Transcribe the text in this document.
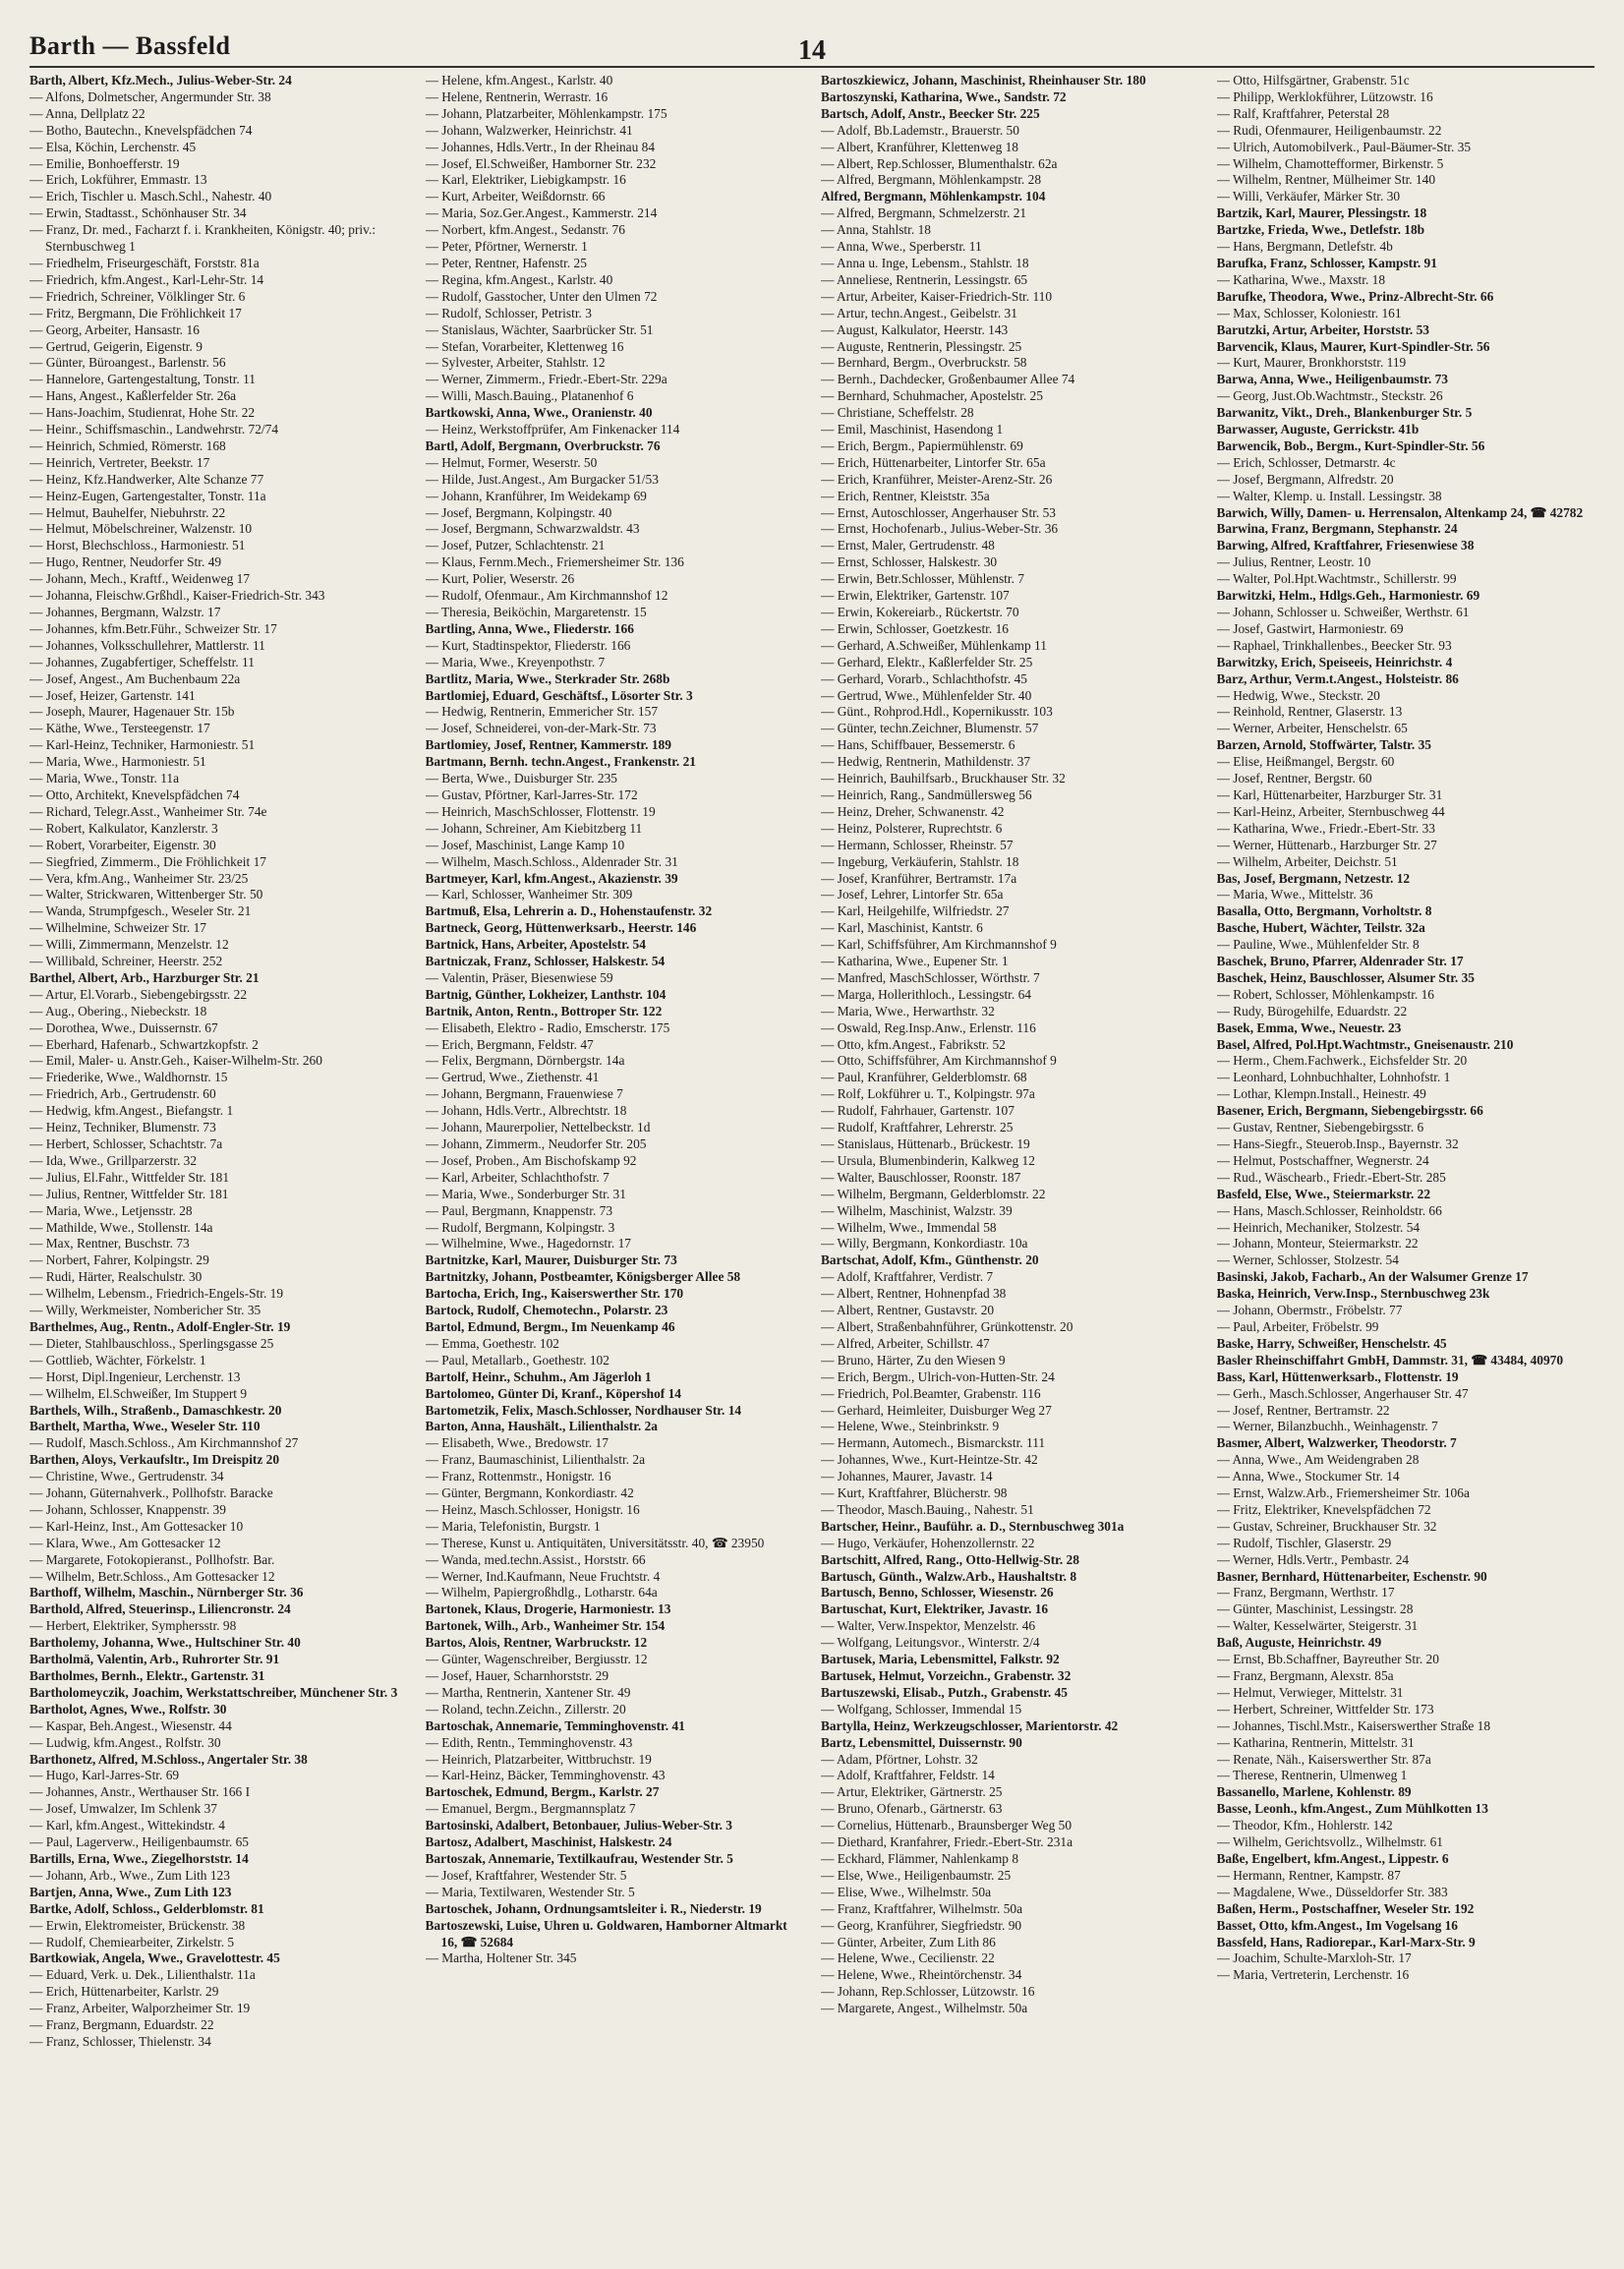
Barth — Bassfeld	14
Barth, Albert, Kfz.Mech., Julius-Weber-Str. 24
— Alfons, Dolmetscher, Angermunder Str. 38
— Anna, Dellplatz 22
— Botho, Bautechn., Knevelspfädchen 74
— Elsa, Köchin, Lerchenstr. 45
— Emilie, Bonhoefferstr. 19
— Erich, Lokführer, Emmastr. 13
— Erich, Tischler u. Masch.Schl., Nahestr. 40
— Erwin, Stadtasst., Schönhauser Str. 34
— Franz, Dr. med., Facharzt f. i. Krankheiten, Königstr. 40; priv.: Sternbuschweg 1
— Friedhelm, Friseurgeschäft, Forststr. 81a
— Friedrich, kfm.Angest., Karl-Lehr-Str. 14
— Friedrich, Schreiner, Völklinger Str. 6
— Fritz, Bergmann, Die Fröhlichkeit 17
— Georg, Arbeiter, Hansastr. 16
— Gertrud, Geigerin, Eigenstr. 9
— Günter, Büroangest., Barlenstr. 56
— Hannelore, Gartengestaltung, Tonstr. 11
— Hans, Angest., Kaßlerfelder Str. 26a
— Hans-Joachim, Studienrat, Hohe Str. 22
— Heinr., Schiffsmaschin., Landwehrstr. 72/74
— Heinrich, Schmied, Römerstr. 168
— Heinrich, Vertreter, Beekstr. 17
— Heinz, Kfz.Handwerker, Alte Schanze 77
— Heinz-Eugen, Gartengestalter, Tonstr. 11a
— Helmut, Bauhelfer, Niebuhrstr. 22
— Helmut, Möbelschreiner, Walzenstr. 10
— Horst, Blechschloss., Harmoniestr. 51
— Hugo, Rentner, Neudorfer Str. 49
— Johann, Mech., Kraftf., Weidenweg 17
— Johanna, Fleischw.Grßhdl., Kaiser-Friedrich-Str. 343
— Johannes, Bergmann, Walzstr. 17
— Johannes, kfm.Betr.Führ., Schweizer Str. 17
— Johannes, Volksschullehrer, Mattlerstr. 11
— Johannes, Zugabfertiger, Scheffelstr. 11
— Josef, Angest., Am Buchenbaum 22a
— Josef, Heizer, Gartenstr. 141
— Joseph, Maurer, Hagenauer Str. 15b
— Käthe, Wwe., Tersteegenstr. 17
— Karl-Heinz, Techniker, Harmoniestr. 51
— Maria, Wwe., Harmoniestr. 51
— Maria, Wwe., Tonstr. 11a
— Otto, Architekt, Knevelspfädchen 74
— Richard, Telegr.Asst., Wanheimer Str. 74e
— Robert, Kalkulator, Kanzlerstr. 3
— Robert, Vorarbeiter, Eigenstr. 30
— Siegfried, Zimmerm., Die Fröhlichkeit 17
— Vera, kfm.Ang., Wanheimer Str. 23/25
— Walter, Strickwaren, Wittenberger Str. 50
— Wanda, Strumpfgesch., Weseler Str. 21
— Wilhelmine, Schweizer Str. 17
— Willi, Zimmermann, Menzelstr. 12
— Willibald, Schreiner, Heerstr. 252
Barthel, Albert, Arb., Harzburger Str. 21
— Artur, El.Vorarb., Siebengebirgsstr. 22
— Aug., Obering., Niebeckstr. 18
— Dorothea, Wwe., Duissernstr. 67
— Eberhard, Hafenarb., Schwartzkopfstr. 2
— Emil, Maler- u. Anstr.Geh., Kaiser-Wilhelm-Str. 260
— Friederike, Wwe., Waldhornstr. 15
— Friedrich, Arb., Gertrudenstr. 60
— Hedwig, kfm.Angest., Biefangstr. 1
— Heinz, Techniker, Blumenstr. 73
— Herbert, Schlosser, Schachtstr. 7a
— Ida, Wwe., Grillparzerstr. 32
— Julius, El.Fahr., Wittfelder Str. 181
— Julius, Rentner, Wittfelder Str. 181
— Maria, Wwe., Letjensstr. 28
— Mathilde, Wwe., Stollenstr. 14a
— Max, Rentner, Buschstr. 73
— Norbert, Fahrer, Kolpingstr. 29
— Rudi, Härter, Realschulstr. 30
— Wilhelm, Lebensm., Friedrich-Engels-Str. 19
— Willy, Werkmeister, Nombericher Str. 35
Barthelmes, Aug., Rentn., Adolf-Engler-Str. 19
— Dieter, Stahlbauschloss., Sperlingsgasse 25
— Gottlieb, Wächter, Förkelstr. 1
— Horst, Dipl.Ingenieur, Lerchenstr. 13
— Wilhelm, El.Schweißer, Im Stuppert 9
Barthels, Wilh., Straßenb., Damaschkestr. 20
Barthelt, Martha, Wwe., Weseler Str. 110
— Rudolf, Masch.Schloss., Am Kirchmannshof 27
Barthen, Aloys, Verkaufsltr., Im Dreispitz 20
— Christine, Wwe., Gertrudenstr. 34
— Johann, Güternahverk., Pollhofstr. Baracke
— Johann, Schlosser, Knappenstr. 39
— Karl-Heinz, Inst., Am Gottesacker 10
— Klara, Wwe., Am Gottesacker 12
— Margarete, Fotokopieranst., Pollhofstr. Bar.
— Wilhelm, Betr.Schloss., Am Gottesacker 12
Barthoff, Wilhelm, Maschin., Nürnberger Str. 36
Barthold, Alfred, Steuerinsp., Liliencronstr. 24
— Herbert, Elektriker, Symphersstr. 98
Bartholemy, Johanna, Wwe., Hultschiner Str. 40
Bartholmä, Valentin, Arb., Ruhrorter Str. 91
Bartholmes, Bernh., Elektr., Gartenstr. 31
Bartholomeyczik, Joachim, Werkstattschreiber, Münchener Str. 3
Bartholot, Agnes, Wwe., Rolfstr. 30
— Kaspar, Beh.Angest., Wiesenstr. 44
— Ludwig, kfm.Angest., Rolfstr. 30
Barthonetz, Alfred, M.Schloss., Angertaler Str. 38
— Hugo, Karl-Jarres-Str. 69
— Johannes, Anstr., Werthauser Str. 166 I
— Josef, Umwalzer, Im Schlenk 37
— Karl, kfm.Angest., Wittekindstr. 4
— Paul, Lagerverw., Heiligenbaumstr. 65
Bartills, Erna, Wwe., Ziegelhorststr. 14
— Johann, Arb., Wwe., Zum Lith 123
Bartjen, Anna, Wwe., Zum Lith 123
Bartke, Adolf, Schloss., Gelderblomstr. 81
— Erwin, Elektromeister, Brückenstr. 38
— Rudolf, Chemiearbeiter, Zirkelstr. 5
Bartkowiak, Angela, Wwe., Gravelottestr. 45
— Eduard, Verk. u. Dek., Lilienthalstr. 11a
— Erich, Hüttenarbeiter, Karlstr. 29
— Franz, Arbeiter, Walporzheimer Str. 19
— Franz, Bergmann, Eduardstr. 22
— Franz, Schlosser, Thielenstr. 34
— Helene, kfm.Angest., Karlstr. 40
— Helene, Rentnerin, Werrastr. 16
— Johann, Platzarbeiter, Möhlenkampstr. 175
— Johann, Walzwerker, Heinrichstr. 41
— Johannes, Hdls.Vertr., In der Rheinau 84
— Josef, El.Schweißer, Hamborner Str. 232
— Karl, Elektriker, Liebigkampstr. 16
— Kurt, Arbeiter, Weißdornstr. 66
— Maria, Soz.Ger.Angest., Kammerstr. 214
— Norbert, kfm.Angest., Sedanstr. 76
— Peter, Pförtner, Wernerstr. 1
— Peter, Rentner, Hafenstr. 25
— Regina, kfm.Angest., Karlstr. 40
— Rudolf, Gasstocher, Unter den Ulmen 72
— Rudolf, Schlosser, Petristr. 3
— Stanislaus, Wächter, Saarbrücker Str. 51
— Stefan, Vorarbeiter, Klettenweg 16
— Sylvester, Arbeiter, Stahlstr. 12
— Werner, Zimmerm., Friedr.-Ebert-Str. 229a
— Willi, Masch.Bauing., Platanenhof 6
Bartkowski, Anna, Wwe., Oranienstr. 40
— Heinz, Werkstoffprüfer, Am Finkenacker 114
Bartl, Adolf, Bergmann, Overbruckstr. 76
— Helmut, Former, Weserstr. 50
— Hilde, Just.Angest., Am Burgacker 51/53
— Johann, Kranführer, Im Weidekamp 69
— Josef, Bergmann, Kolpingstr. 40
— Josef, Bergmann, Schwarzwaldstr. 43
— Josef, Putzer, Schlachtenstr. 21
— Klaus, Fernm.Mech., Friemersheimer Str. 136
— Kurt, Polier, Weserstr. 26
— Rudolf, Ofenmaur., Am Kirchmannshof 12
— Theresia, Beiköchin, Margaretenstr. 15
Bartling, Anna, Wwe., Fliederstr. 166
— Kurt, Stadtinspektor, Fliederstr. 166
— Maria, Wwe., Kreyenpothstr. 7
Bartlitz, Maria, Wwe., Sterkrader Str. 268b
Bartlomiej, Eduard, Geschäftsf., Lösorter Str. 3
— Hedwig, Rentnerin, Emmericher Str. 157
— Josef, Schneiderei, von-der-Mark-Str. 73
Bartlomiey, Josef, Rentner, Kammerstr. 189
Bartmann, Bernh. techn.Angest., Frankenstr. 21
— Berta, Wwe., Duisburger Str. 235
— Gustav, Pförtner, Karl-Jarres-Str. 172
— Heinrich, MaschSchlosser, Flottenstr. 19
— Johann, Schreiner, Am Kiebitzberg 11
— Josef, Maschinist, Lange Kamp 10
— Wilhelm, Masch.Schloss., Aldenrader Str. 31
Bartmeyer, Karl, kfm.Angest., Akazienstr. 39
— Karl, Schlosser, Wanheimer Str. 309
Bartmuß, Elsa, Lehrerin a. D., Hohenstaufenstr. 32
Bartneck, Georg, Hüttenwerksarb., Heerstr. 146
Bartnick, Hans, Arbeiter, Apostelstr. 54
Bartniczak, Franz, Schlosser, Halskestr. 54
— Valentin, Präser, Biesenwiese 59
Bartnig, Günther, Lokheizer, Lanthstr. 104
Bartnik, Anton, Rentn., Bottroper Str. 122
— Elisabeth, Elektro - Radio, Emscherstr. 175
— Erich, Bergmann, Feldstr. 47
— Felix, Bergmann, Dörnbergstr. 14a
— Gertrud, Wwe., Ziethenstr. 41
— Johann, Bergmann, Frauenwiese 7
— Johann, Hdls.Vertr., Albrechtstr. 18
— Johann, Maurerpolier, Nettelbeckstr. 1d
— Johann, Zimmerm., Neudorfer Str. 205
— Josef, Proben., Am Bischofskamp 92
— Karl, Arbeiter, Schlachthofstr. 7
— Maria, Wwe., Sonderburger Str. 31
— Paul, Bergmann, Knappenstr. 73
— Rudolf, Bergmann, Kolpingstr. 3
— Wilhelmine, Wwe., Hagedornstr. 17
Bartnitzke, Karl, Maurer, Duisburger Str. 73
Bartnitzky, Johann, Postbeamter, Königsberger Allee 58
Bartocha, Erich, Ing., Kaiserswerther Str. 170
Bartock, Rudolf, Chemotechn., Polarstr. 23
Bartol, Edmund, Bergm., Im Neuenkamp 46
— Emma, Goethestr. 102
— Paul, Metallarb., Goethestr. 102
Bartolf, Heinr., Schuhm., Am Jägerloh 1
Bartolomeo, Günter Di, Kranf., Köpershof 14
Bartometzik, Felix, Masch.Schlosser, Nordhauser Str. 14
Barton, Anna, Haushält., Lilienthalstr. 2a
— Elisabeth, Wwe., Bredowstr. 17
— Franz, Baumaschinist, Lilienthalstr. 2a
— Franz, Rottenmstr., Honigstr. 16
— Günter, Bergmann, Konkordiastr. 42
— Heinz, Masch.Schlosser, Honigstr. 16
— Maria, Telefonistin, Burgstr. 1
— Therese, Kunst u. Antiquitäten, Universitätsstr. 40, ☎ 23950
— Wanda, med.techn.Assist., Horststr. 66
— Werner, Ind.Kaufmann, Neue Fruchtstr. 4
— Wilhelm, Papiergroßhdlg., Lotharstr. 64a
Bartonek, Klaus, Drogerie, Harmoniestr. 13
Bartonek, Wilh., Arb., Wanheimer Str. 154
Bartos, Alois, Rentner, Warbruckstr. 12
— Günter, Wagenschreiber, Bergiusstr. 12
— Josef, Hauer, Scharnhorststr. 29
— Martha, Rentnerin, Xantener Str. 49
— Roland, techn.Zeichn., Zillerstr. 20
Bartoschak, Annemarie, Temminghovenstr. 41
— Edith, Rentn., Temminghovenstr. 43
— Heinrich, Platzarbeiter, Wittbruchstr. 19
— Karl-Heinz, Bäcker, Temminghovenstr. 43
Bartoschek, Edmund, Bergm., Karlstr. 27
— Emanuel, Bergm., Bergmannsplatz 7
Bartosinski, Adalbert, Betonbauer, Julius-Weber-Str. 3
Bartosz, Adalbert, Maschinist, Halskestr. 24
Bartoszak, Annemarie, Textilkaufrau, Westender Str. 5
— Josef, Kraftfahrer, Westender Str. 5
— Maria, Textilwaren, Westender Str. 5
Bartoschek, Johann, Ordnungsamtsleiter i. R., Niederstr. 19
Bartoszewski, Luise, Uhren u. Goldwaren, Hamborner Altmarkt 16, ☎ 52684
— Martha, Holtener Str. 345
Bartoszkiewicz, Johann, Maschinist, Rheinhauser Str. 180
Bartoszynski, Katharina, Wwe., Sandstr. 72
Bartsch, Adolf, Anstr., Beecker Str. 225
— Adolf, Bb.Lademstr., Brauerstr. 50
— Albert, Kranführer, Klettenweg 18
— Albert, Rep.Schlosser, Blumenthalstr. 62a
— Alfred, Bergmann, Möhlenkampstr. 28
Alfred, Bergmann, Möhlenkampstr. 104
— Alfred, Bergmann, Schmelzerstr. 21
— Anna, Stahlstr. 18
— Anna, Wwe., Sperberstr. 11
— Anna u. Inge, Lebensm., Stahlstr. 18
— Anneliese, Rentnerin, Lessingstr. 65
— Artur, Arbeiter, Kaiser-Friedrich-Str. 110
— Artur, techn.Angest., Geibelstr. 31
— August, Kalkulator, Heerstr. 143
— Auguste, Rentnerin, Plessingstr. 25
— Bernhard, Bergm., Overbruckstr. 58
— Bernh., Dachdecker, Großenbaumer Allee 74
— Bernhard, Schuhmacher, Apostelstr. 25
— Christiane, Scheffelstr. 28
— Emil, Maschinist, Hasendong 1
— Erich, Bergm., Papiermühlenstr. 69
— Erich, Hüttenarbeiter, Lintorfer Str. 65a
— Erich, Kranführer, Meister-Arenz-Str. 26
— Erich, Rentner, Kleiststr. 35a
— Ernst, Autoschlosser, Angerhauser Str. 53
— Ernst, Hochofenarb., Julius-Weber-Str. 36
— Ernst, Maler, Gertrudenstr. 48
— Ernst, Schlosser, Halskestr. 30
— Erwin, Betr.Schlosser, Mühlenstr. 7
— Erwin, Elektriker, Gartenstr. 107
— Erwin, Kokereiarb., Rückertstr. 70
— Erwin, Schlosser, Goetzkestr. 16
— Gerhard, A.Schweißer, Mühlenkamp 11
— Gerhard, Elektr., Kaßlerfelder Str. 25
— Gerhard, Vorarb., Schlachthofstr. 45
— Gertrud, Wwe., Mühlenfelder Str. 40
— Günt., Rohprod.Hdl., Kopernikusstr. 103
— Günter, techn.Zeichner, Blumenstr. 57
— Hans, Schiffbauer, Bessemerstr. 6
— Hedwig, Rentnerin, Mathildenstr. 37
— Heinrich, Bauhilfsarb., Bruckhauser Str. 32
— Heinrich, Rang., Sandmüllersweg 56
— Heinz, Dreher, Schwanenstr. 42
— Heinz, Polsterer, Ruprechtstr. 6
— Hermann, Schlosser, Rheinstr. 57
— Ingeburg, Verkäuferin, Stahlstr. 18
— Josef, Kranführer, Bertramstr. 17a
— Josef, Lehrer, Lintorfer Str. 65a
— Karl, Heilgehilfe, Wilfriedstr. 27
— Karl, Maschinist, Kantstr. 6
— Karl, Schiffsführer, Am Kirchmannshof 9
— Katharina, Wwe., Eupener Str. 1
— Manfred, MaschSchlosser, Wörthstr. 7
— Marga, Hollerithloch., Lessingstr. 64
— Maria, Wwe., Herwarthstr. 32
— Oswald, Reg.Insp.Anw., Erlenstr. 116
— Otto, kfm.Angest., Fabrikstr. 52
— Otto, Schiffsführer, Am Kirchmannshof 9
— Paul, Kranführer, Gelderblomstr. 68
— Rolf, Lokführer u. T., Kolpingstr. 97a
— Rudolf, Fahrhauer, Gartenstr. 107
— Rudolf, Kraftfahrer, Lehrerstr. 25
— Stanislaus, Hüttenarb., Brückestr. 19
— Ursula, Blumenbinderin, Kalkweg 12
— Walter, Bauschlosser, Roonstr. 187
— Wilhelm, Bergmann, Gelderblomstr. 22
— Wilhelm, Maschinist, Walzstr. 39
— Wilhelm, Wwe., Immendal 58
— Willy, Bergmann, Konkordiastr. 10a
Bartschat, Adolf, Kfm., Günthenstr. 20
— Adolf, Kraftfahrer, Verdistr. 7
— Albert, Rentner, Hohnenpfad 38
— Albert, Rentner, Gustavstr. 20
— Albert, Straßenbahnführer, Grünkottenstr. 20
— Alfred, Arbeiter, Schillstr. 47
— Bruno, Härter, Zu den Wiesen 9
— Erich, Bergm., Ulrich-von-Hutten-Str. 24
— Friedrich, Pol.Beamter, Grabenstr. 116
— Gerhard, Heimleiter, Duisburger Weg 27
— Helene, Wwe., Steinbrinkstr. 9
— Hermann, Automech., Bismarckstr. 111
— Johannes, Wwe., Kurt-Heintze-Str. 42
— Johannes, Maurer, Javastr. 14
— Kurt, Kraftfahrer, Blücherstr. 98
— Theodor, Masch.Bauing., Nahestr. 51
Bartscher, Heinr., Bauführ. a. D., Sternbuschweg 301a
— Hugo, Verkäufer, Hohenzollernstr. 22
Bartschitt, Alfred, Rang., Otto-Hellwig-Str. 28
Bartusch, Günth., Walzw.Arb., Haushaltstr. 8
Bartusch, Benno, Schlosser, Wiesenstr. 26
Bartuschat, Kurt, Elektriker, Javastr. 16
— Walter, Verw.Inspektor, Menzelstr. 46
— Wolfgang, Leitungsvor., Winterstr. 2/4
Bartusek, Maria, Lebensmittel, Falkstr. 92
Bartusek, Helmut, Vorzeichn., Grabenstr. 32
Bartuszewski, Elisab., Putzh., Grabenstr. 45
— Wolfgang, Schlosser, Immendal 15
Bartylla, Heinz, Werkzeugschlosser, Marientorstr. 42
Bartz, Lebensmittel, Duissernstr. 90
— Adam, Pförtner, Lohstr. 32
— Adolf, Kraftfahrer, Feldstr. 14
— Artur, Elektriker, Gärtnerstr. 25
— Bruno, Ofenarb., Gärtnerstr. 63
— Cornelius, Hüttenarb., Braunsberger Weg 50
— Diethard, Kranfahrer, Friedr.-Ebert-Str. 231a
— Eckhard, Flämmer, Nahlenkamp 8
— Else, Wwe., Heiligenbaumstr. 25
— Elise, Wwe., Wilhelmstr. 50a
— Franz, Kraftfahrer, Wilhelmstr. 50a
— Georg, Kranführer, Siegfriedstr. 90
— Günter, Arbeiter, Zum Lith 86
— Helene, Wwe., Cecilienstr. 22
— Helene, Wwe., Rheintörchenstr. 34
— Johann, Rep.Schlosser, Lützowstr. 16
— Margarete, Angest., Wilhelmstr. 50a
— Otto, Hilfsgärtner, Grabenstr. 51c
— Philipp, Werklokführer, Lützowstr. 16
— Ralf, Kraftfahrer, Peterstal 28
— Rudi, Ofenmaurer, Heiligenbaumstr. 22
— Ulrich, Automobilverk., Paul-Bäumer-Str. 35
— Wilhelm, Chamottefformer, Birkenstr. 5
— Wilhelm, Rentner, Mülheimer Str. 140
— Willi, Verkäufer, Märker Str. 30
Bartzik, Karl, Maurer, Plessingstr. 18
Bartzke, Frieda, Wwe., Detlefstr. 18b
— Hans, Bergmann, Detlefstr. 4b
Barufka, Franz, Schlosser, Kampstr. 91
— Katharina, Wwe., Maxstr. 18
Barufke, Theodora, Wwe., Prinz-Albrecht-Str. 66
— Max, Schlosser, Koloniestr. 161
Barutzki, Artur, Arbeiter, Horststr. 53
Barvencik, Klaus, Maurer, Kurt-Spindler-Str. 56
— Kurt, Maurer, Bronkhorststr. 119
Barwa, Anna, Wwe., Heiligenbaumstr. 73
— Georg, Just.Ob.Wachtmstr., Steckstr. 26
Barwanitz, Vikt., Dreh., Blankenburger Str. 5
Barwasser, Auguste, Gerrickstr. 41b
Barwencik, Bob., Bergm., Kurt-Spindler-Str. 56
— Erich, Schlosser, Detmarstr. 4c
— Josef, Bergmann, Alfredstr. 20
— Walter, Klemp. u. Install. Lessingstr. 38
Barwich, Willy, Damen- u. Herrensalon, Altenkamp 24, ☎ 42782
Barwina, Franz, Bergmann, Stephanstr. 24
Barwing, Alfred, Kraftfahrer, Friesenwiese 38
— Julius, Rentner, Leostr. 10
— Walter, Pol.Hpt.Wachtmstr., Schillerstr. 99
Barwitzki, Helm., Hdlgs.Geh., Harmoniestr. 69
— Johann, Schlosser u. Schweißer, Werthstr. 61
— Josef, Gastwirt, Harmoniestr. 69
— Raphael, Trinkhallenbes., Beecker Str. 93
Barwitzky, Erich, Speiseeis, Heinrichstr. 4
Barz, Arthur, Verm.t.Angest., Holsteistr. 86
— Hedwig, Wwe., Steckstr. 20
— Reinhold, Rentner, Glaserstr. 13
— Werner, Arbeiter, Henschelstr. 65
Barzen, Arnold, Stoffwärter, Talstr. 35
— Elise, Heißmangel, Bergstr. 60
— Josef, Rentner, Bergstr. 60
— Karl, Hüttenarbeiter, Harzburger Str. 31
— Karl-Heinz, Arbeiter, Sternbuschweg 44
— Katharina, Wwe., Friedr.-Ebert-Str. 33
— Werner, Hüttenarb., Harzburger Str. 27
— Wilhelm, Arbeiter, Deichstr. 51
Bas, Josef, Bergmann, Netzestr. 12
— Maria, Wwe., Mittelstr. 36
Basalla, Otto, Bergmann, Vorholtstr. 8
Basche, Hubert, Wächter, Teilstr. 32a
— Pauline, Wwe., Mühlenfelder Str. 8
Baschek, Bruno, Pfarrer, Aldenrader Str. 17
Baschek, Heinz, Bauschlosser, Alsumer Str. 35
— Robert, Schlosser, Möhlenkampstr. 16
— Rudy, Bürogehilfe, Eduardstr. 22
Basek, Emma, Wwe., Neuestr. 23
Basel, Alfred, Pol.Hpt.Wachtmstr., Gneisenaustr. 210
— Herm., Chem.Fachwerk., Eichsfelder Str. 20
— Leonhard, Lohnbuchhalter, Lohnhofstr. 1
— Lothar, Klempn.Install., Heinestr. 49
Basener, Erich, Bergmann, Siebengebirgsstr. 66
— Gustav, Rentner, Siebengebirgsstr. 6
— Hans-Siegfr., Steuerob.Insp., Bayernstr. 32
— Helmut, Postschaffner, Wegnerstr. 24
— Rud., Wäschearb., Friedr.-Ebert-Str. 285
Basfeld, Else, Wwe., Steiermarkstr. 22
— Hans, Masch.Schlosser, Reinholdstr. 66
— Heinrich, Mechaniker, Stolzestr. 54
— Johann, Monteur, Steiermarkstr. 22
— Werner, Schlosser, Stolzestr. 54
Basinski, Jakob, Facharb., An der Walsumer Grenze 17
Baska, Heinrich, Verw.Insp., Sternbuschweg 23k
— Johann, Obermstr., Fröbelstr. 77
— Paul, Arbeiter, Fröbelstr. 99
Baske, Harry, Schweißer, Henschelstr. 45
Basler Rheinschiffahrt GmbH, Dammstr. 31, ☎ 43484, 40970
Bass, Karl, Hüttenwerksarb., Flottenstr. 19
— Gerh., Masch.Schlosser, Angerhauser Str. 47
— Josef, Rentner, Bertramstr. 22
— Werner, Bilanzbuchh., Weinhagenstr. 7
Basmer, Albert, Walzwerker, Theodorstr. 7
— Anna, Wwe., Am Weidengraben 28
— Anna, Wwe., Stockumer Str. 14
— Ernst, Walzw.Arb., Friemersheimer Str. 106a
— Fritz, Elektriker, Knevelspfädchen 72
— Gustav, Schreiner, Bruckhauser Str. 32
— Rudolf, Tischler, Glaserstr. 29
— Werner, Hdls.Vertr., Pembastr. 24
Basner, Bernhard, Hüttenarbeiter, Eschenstr. 90
— Franz, Bergmann, Werthstr. 17
— Günter, Maschinist, Lessingstr. 28
— Walter, Kesselwärter, Steigerstr. 31
Baß, Auguste, Heinrichstr. 49
— Ernst, Bb.Schaffner, Bayreuther Str. 20
— Franz, Bergmann, Alexstr. 85a
— Helmut, Verwieger, Mittelstr. 31
— Herbert, Schreiner, Wittfelder Str. 173
— Johannes, Tischl.Mstr., Kaiserswerther Straße 18
— Katharina, Rentnerin, Mittelstr. 31
— Renate, Näh., Kaiserswerther Str. 87a
— Therese, Rentnerin, Ulmenweg 1
Bassanello, Marlene, Kohlenstr. 89
Basse, Leonh., kfm.Angest., Zum Mühlkotten 13
— Theodor, Kfm., Hohlerstr. 142
— Wilhelm, Gerichtsvollz., Wilhelmstr. 61
Baße, Engelbert, kfm.Angest., Lippestr. 6
— Hermann, Rentner, Kampstr. 87
— Magdalene, Wwe., Düsseldorfer Str. 383
Baßen, Herm., Postschaffner, Weseler Str. 192
Basset, Otto, kfm.Angest., Im Vogelsang 16
Bassfeld, Hans, Radiorepar., Karl-Marx-Str. 9
— Joachim, Schulte-Marxloh-Str. 17
— Maria, Vertreterin, Lerchenstr. 16
